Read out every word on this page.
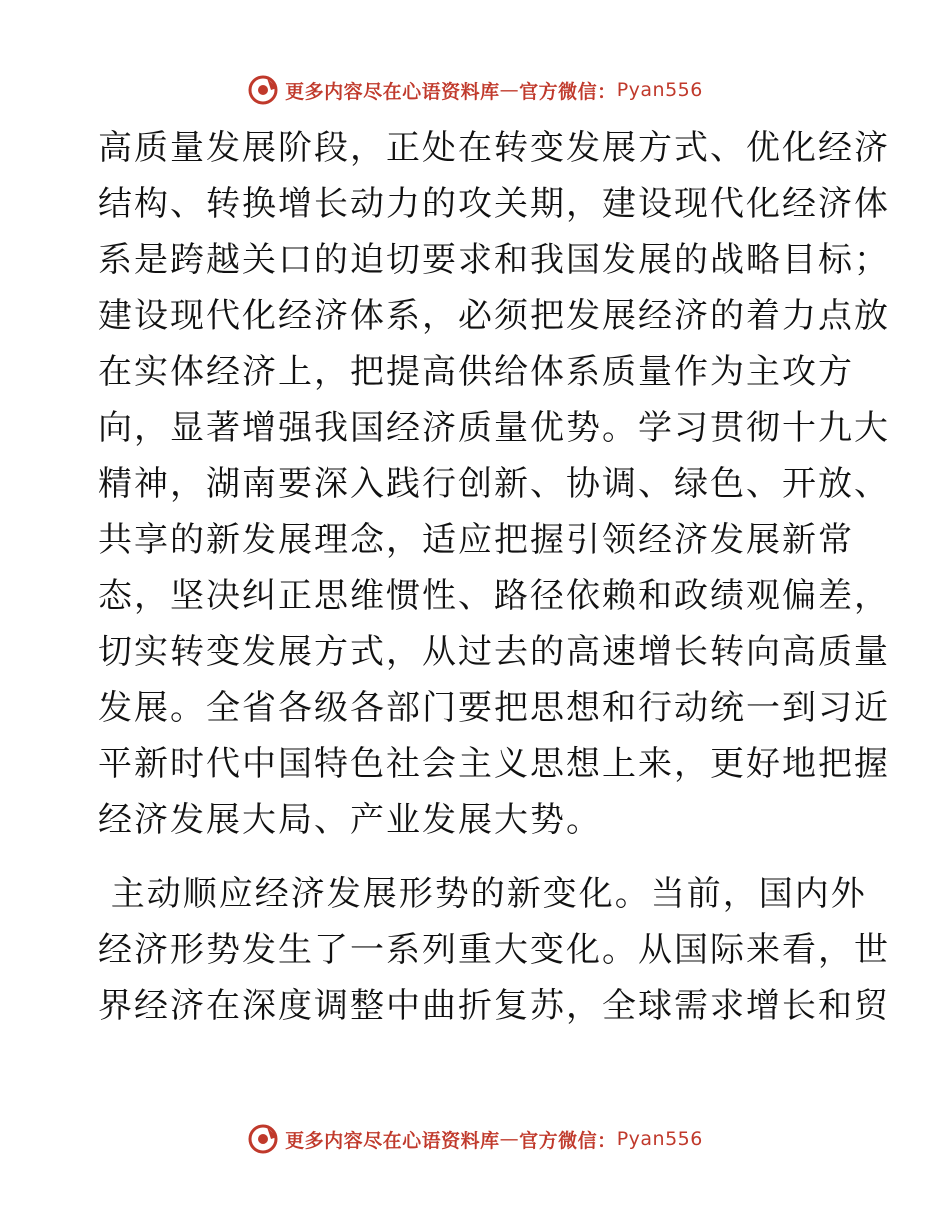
更多内容尽在心语资料库 — 官方微信： Pyan556
高质量发展阶段，正处在转变发展方式、优化经济
结构、转换增长动力的攻关期，建设现代化经济体
系是跨越关口的迫切要求和我国发展的战略目标；
建设现代化经济体系，必须把发展经济的着力点放
在实体经济上，把提高供给体系质量作为主攻方
向，显著增强我国经济质量优势。学习贯彻十九大
精神，湖南要深入践行创新、协调、绿色、开放、
共享的新发展理念，适应把握引领经济发展新常
态，坚决纠正思维惯性、路径依赖和政绩观偏差，
切实转变发展方式，从过去的高速增长转向高质量
发展。全省各级各部门要把思想和行动统一到习近
平新时代中国特色社会主义思想上来，更好地把握
经济发展大局、产业发展大势。
主动顺应经济发展形势的新变化。当前，国内外
经济形势发生了一系列重大变化。从国际来看，世
界经济在深度调整中曲折复苏，全球需求增长和贸
更多内容尽在心语资料库 — 官方微信： Pyan556
